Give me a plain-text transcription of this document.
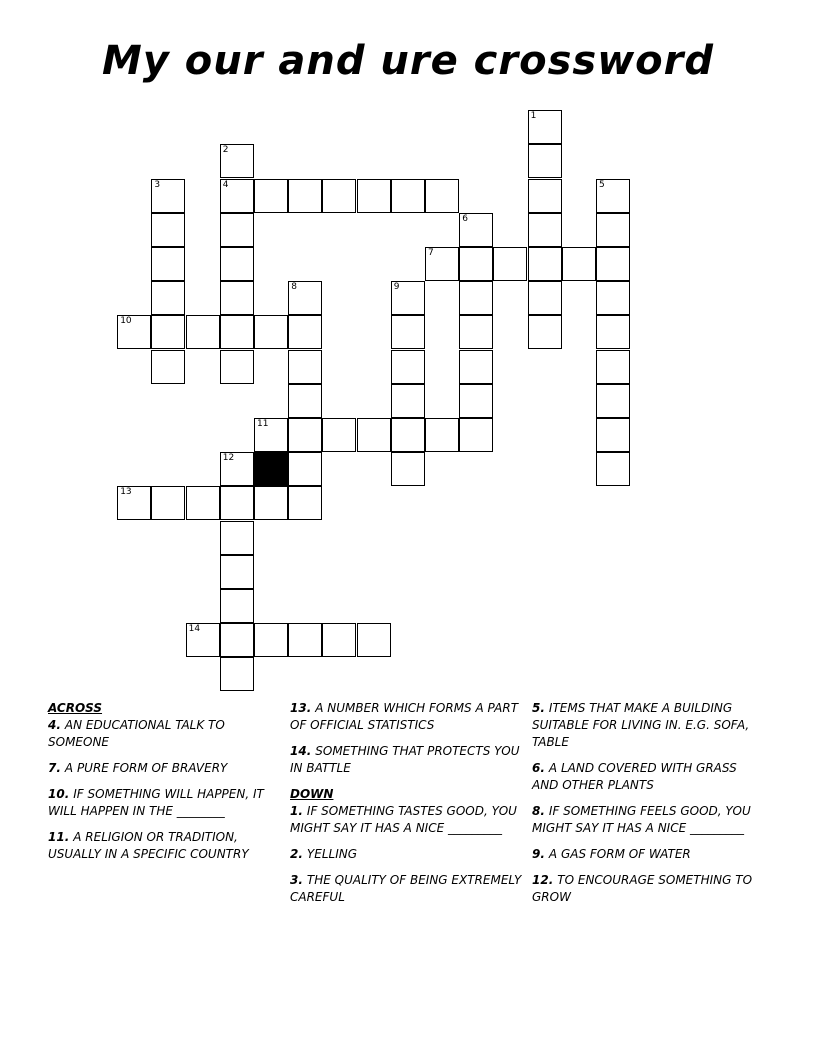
My our and ure crossword
4
7
10
11
13
14
1
2
3	5
6
8	9
12
ACROSS
4. AN EDUCATIONAL TALK TO SOMEONE
7. A PURE FORM OF BRAVERY
10. IF SOMETHING WILL HAPPEN, IT WILL HAPPEN IN THE ________
11. A RELIGION OR TRADITION, USUALLY IN A SPECIFIC COUNTRY
13. A NUMBER WHICH FORMS A PART OF OFFICIAL STATISTICS
14. SOMETHING THAT PROTECTS YOU IN BATTLE
DOWN
1. IF SOMETHING TASTES GOOD, YOU MIGHT SAY IT HAS A NICE _________
2. YELLING
3. THE QUALITY OF BEING EXTREMELY CAREFUL
5. ITEMS THAT MAKE A BUILDING SUITABLE FOR LIVING IN. E.G. SOFA, TABLE
6. A LAND COVERED WITH GRASS AND OTHER PLANTS
8. IF SOMETHING FEELS GOOD, YOU MIGHT SAY IT HAS A NICE _________
9. A GAS FORM OF WATER
12. TO ENCOURAGE SOMETHING TO GROW
